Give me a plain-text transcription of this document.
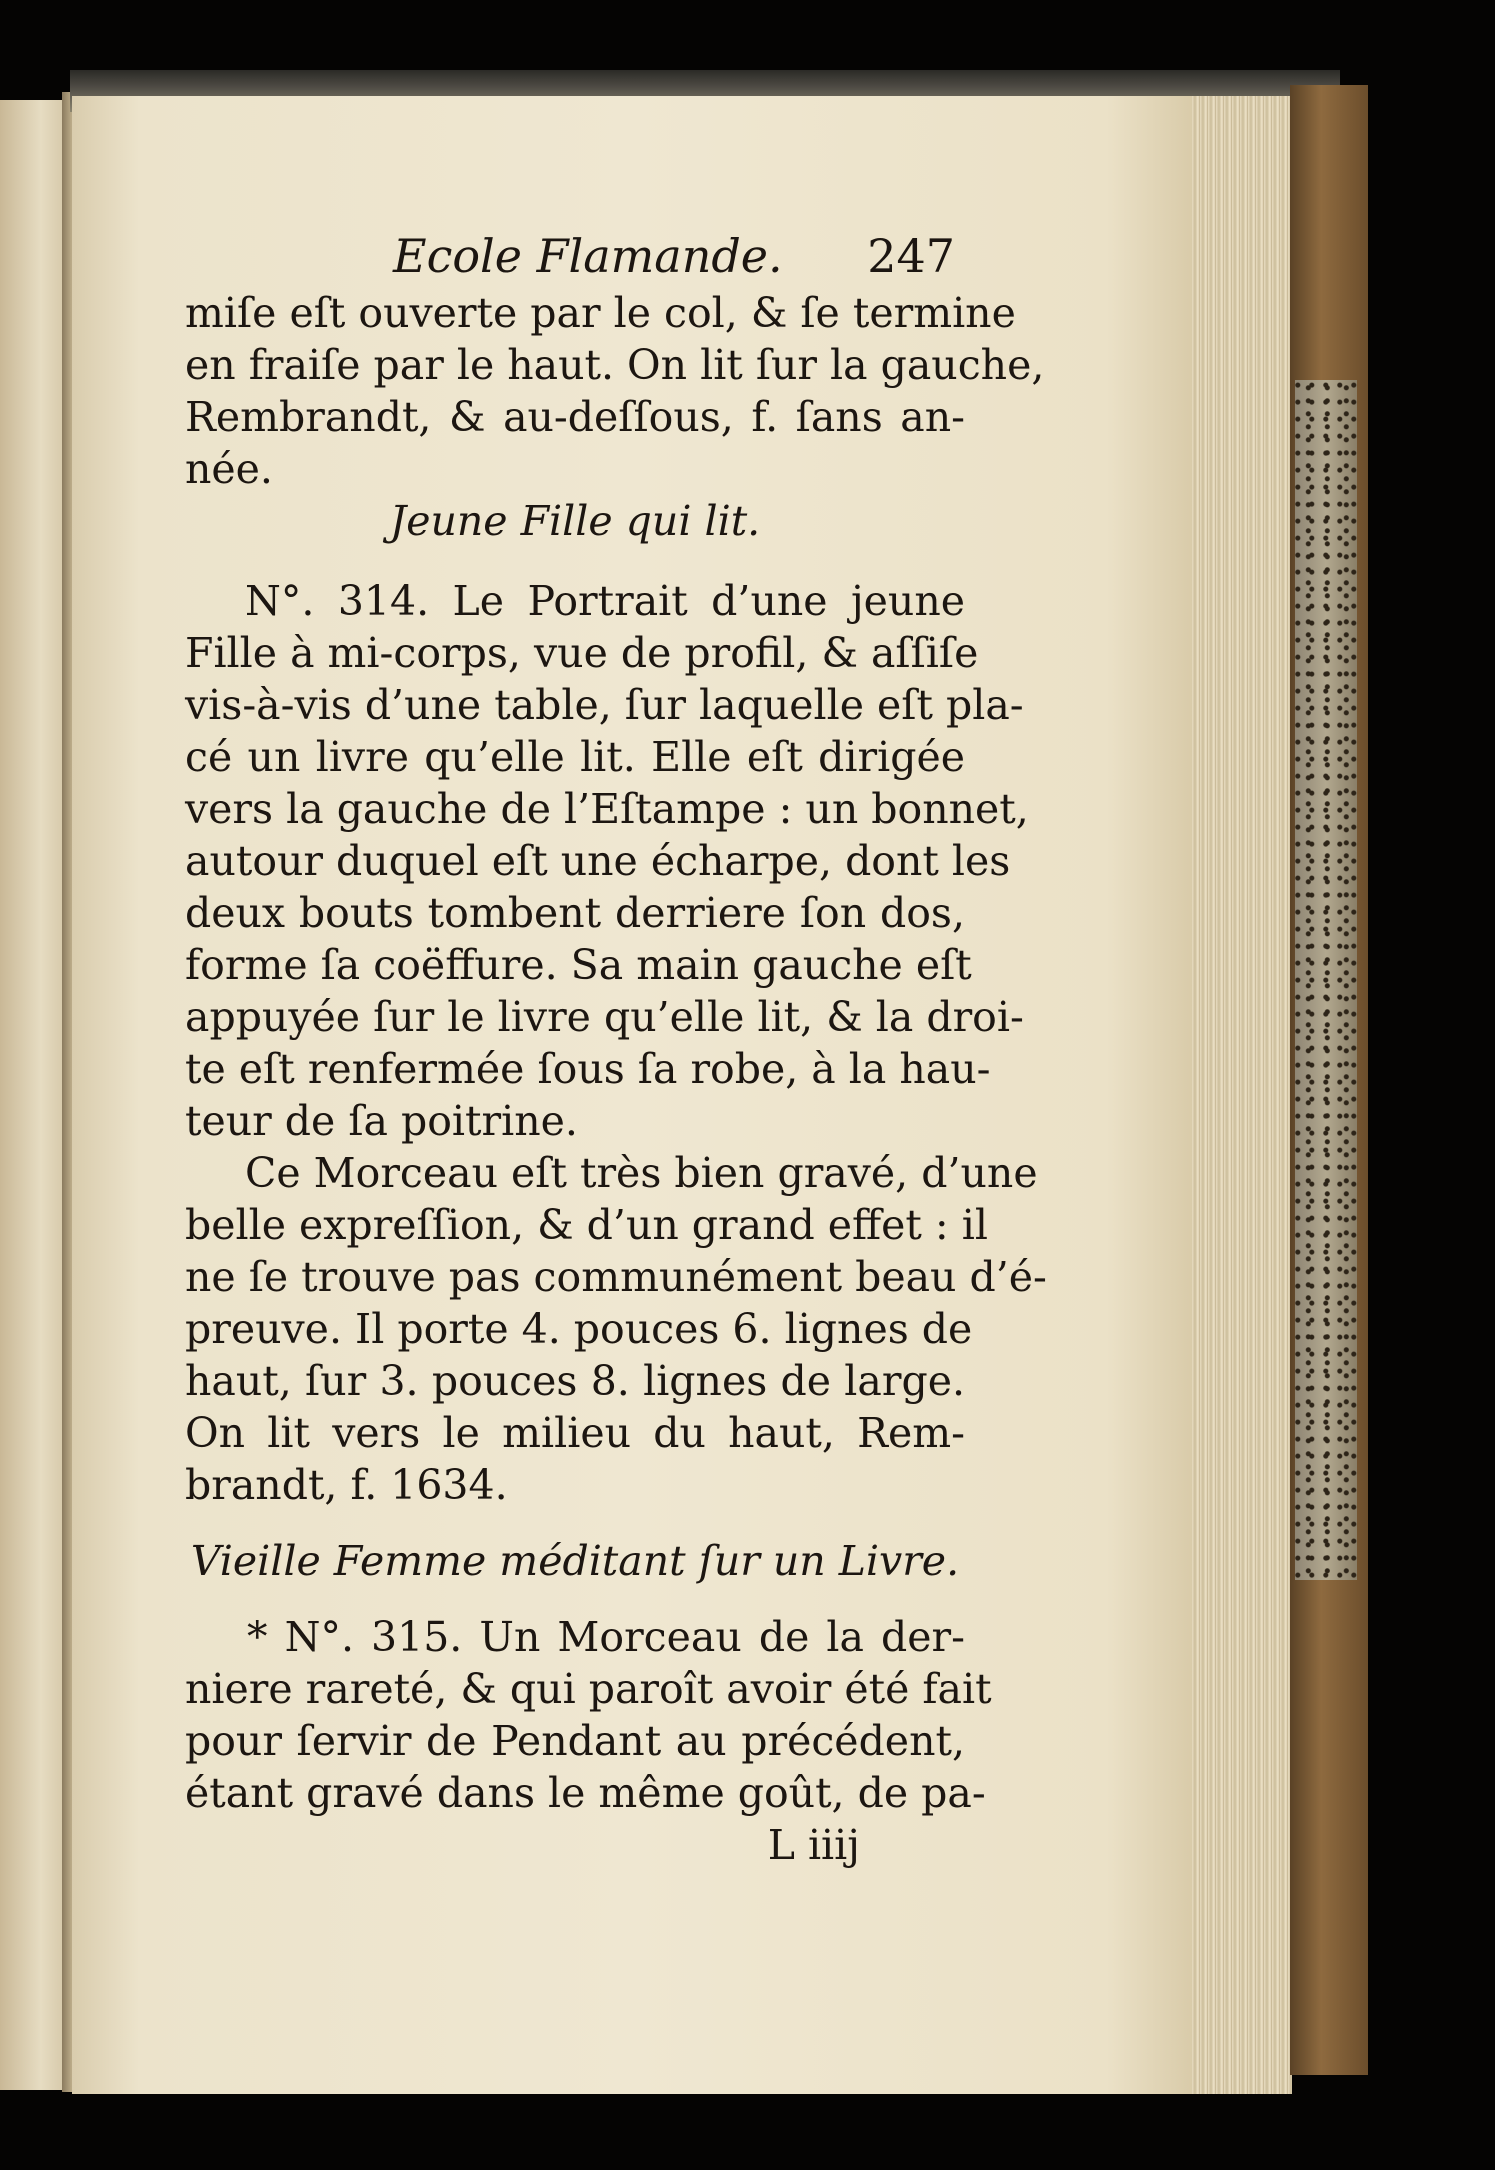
Ecole Flamande. 247
miſe eſt ouverte par le col, & ſe termine
en fraiſe par le haut. On lit ſur la gauche,
Rembrandt, & au-deſſous, f. ſans an-
née.
Jeune Fille qui lit.
N°. 314. Le Portrait d’une jeune
Fille à mi-corps, vue de profil, & aſſiſe
vis-à-vis d’une table, ſur laquelle eſt pla-
cé un livre qu’elle lit. Elle eſt dirigée
vers la gauche de l’Eſtampe : un bonnet,
autour duquel eſt une écharpe, dont les
deux bouts tombent derriere ſon dos,
forme ſa coëffure. Sa main gauche eſt
appuyée ſur le livre qu’elle lit, & la droi-
te eſt renfermée ſous ſa robe, à la hau-
teur de ſa poitrine.
Ce Morceau eſt très bien gravé, d’une
belle expreſſion, & d’un grand effet : il
ne ſe trouve pas communément beau d’é-
preuve. Il porte 4. pouces 6. lignes de
haut, ſur 3. pouces 8. lignes de large.
On lit vers le milieu du haut, Rem-
brandt, f. 1634.
Vieille Femme méditant ſur un Livre.
* N°. 315. Un Morceau de la der-
niere rareté, & qui paroît avoir été fait
pour ſervir de Pendant au précédent,
étant gravé dans le même goût, de pa-
L iiij
